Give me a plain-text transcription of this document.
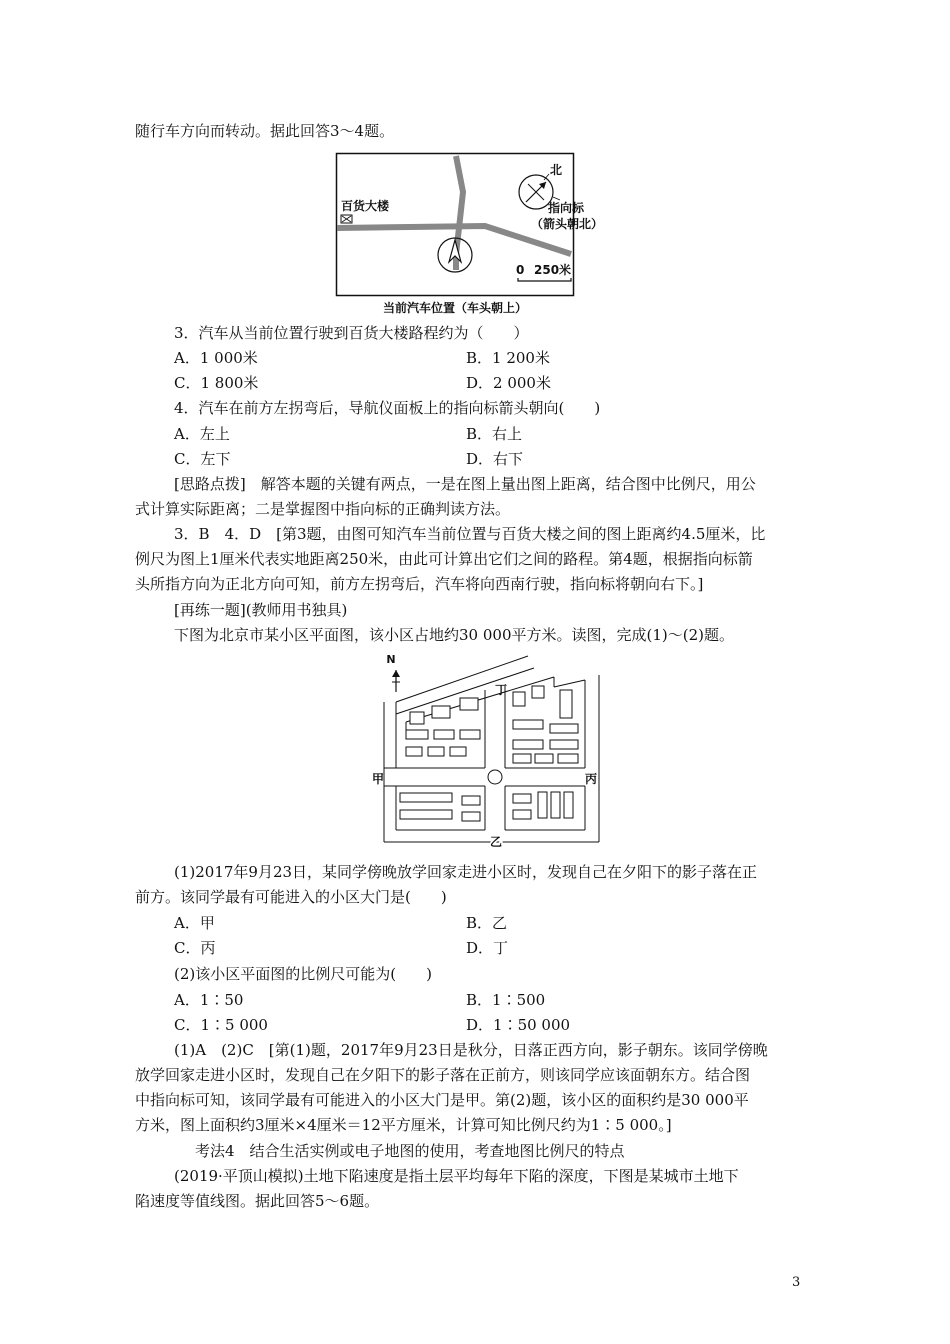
随行车方向而转动。据此回答3～4题。
百货大楼
北
指向标
（箭头朝北）
0 250米
当前汽车位置（车头朝上）
3．汽车从当前位置行驶到百货大楼路程约为（　　）
A．1 000米	B．1 200米
C．1 800米	D．2 000米
4．汽车在前方左拐弯后，导航仪面板上的指向标箭头朝向(　　)
A．左上	B．右上
C．左下	D．右下
[思路点拨]　解答本题的关键有两点，一是在图上量出图上距离，结合图中比例尺，用公
式计算实际距离；二是掌握图中指向标的正确判读方法。
3．B　4．D　[第3题，由图可知汽车当前位置与百货大楼之间的图上距离约4.5厘米，比
例尺为图上1厘米代表实地距离250米，由此可计算出它们之间的路程。第4题，根据指向标箭
头所指方向为正北方向可知，前方左拐弯后，汽车将向西南行驶，指向标将朝向右下。]
[再练一题](教师用书独具)
下图为北京市某小区平面图，该小区占地约30 000平方米。读图，完成(1)～(2)题。
N
丁
甲	丙
乙
(1)2017年9月23日，某同学傍晚放学回家走进小区时，发现自己在夕阳下的影子落在正
前方。该同学最有可能进入的小区大门是(　　)
A．甲	B．乙
C．丙	D．丁
(2)该小区平面图的比例尺可能为(　　)
A．1∶50	B．1∶500
C．1∶5 000	D．1∶50 000
(1)A　(2)C　[第(1)题，2017年9月23日是秋分，日落正西方向，影子朝东。该同学傍晚
放学回家走进小区时，发现自己在夕阳下的影子落在正前方，则该同学应该面朝东方。结合图
中指向标可知，该同学最有可能进入的小区大门是甲。第(2)题，该小区的面积约是30 000平
方米，图上面积约3厘米×4厘米＝12平方厘米，计算可知比例尺约为1∶5 000。]
考法4　结合生活实例或电子地图的使用，考查地图比例尺的特点
(2019·平顶山模拟)土地下陷速度是指土层平均每年下陷的深度，下图是某城市土地下
陷速度等值线图。据此回答5～6题。
3
